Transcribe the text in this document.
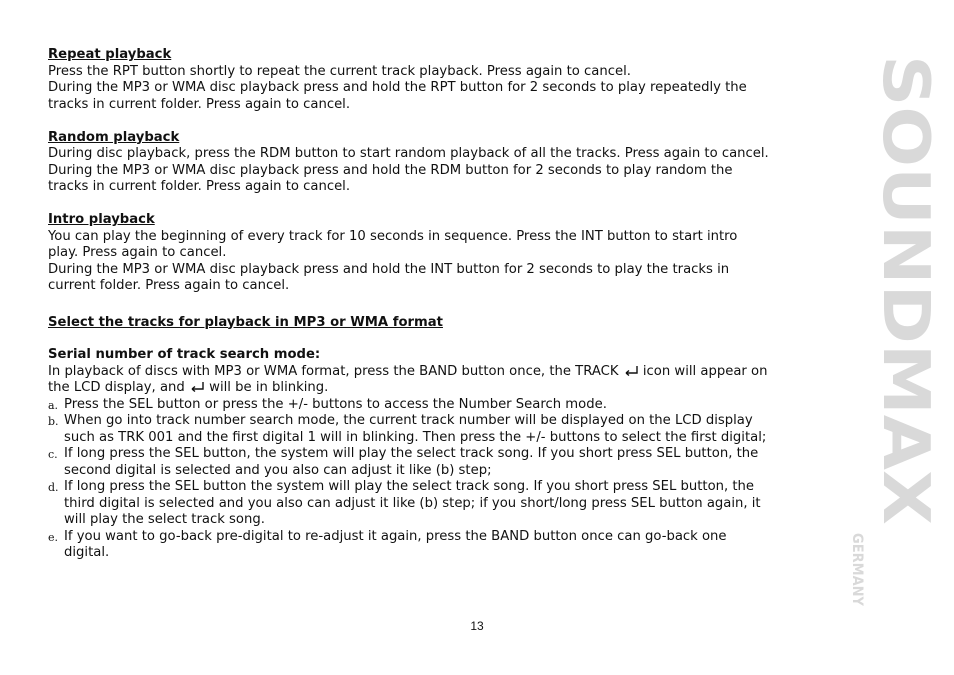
Repeat playback
Press the RPT button shortly to repeat the current track playback. Press again to cancel.
During the MP3 or WMA disc playback press and hold the RPT button for 2 seconds to play repeatedly the
tracks in current folder. Press again to cancel.
Random playback
During disc playback, press the RDM button to start random playback of all the tracks. Press again to cancel.
During the MP3 or WMA disc playback press and hold the RDM button for 2 seconds to play random the
tracks in current folder. Press again to cancel.
Intro playback
You can play the beginning of every track for 10 seconds in sequence. Press the INT button to start intro
play. Press again to cancel.
During the MP3 or WMA disc playback press and hold the INT button for 2 seconds to play the tracks in
current folder. Press again to cancel.
Select the tracks for playback in MP3 or WMA format
Serial number of track search mode:
In playback of discs with MP3 or WMA format, press the BAND button once, the TRACK icon will appear on
the LCD display, and will be in blinking.
a. Press the SEL button or press the +/- buttons to access the Number Search mode.
b. When go into track number search mode, the current track number will be displayed on the LCD display
such as TRK 001 and the first digital 1 will in blinking. Then press the +/- buttons to select the first digital;
c. If long press the SEL button, the system will play the select track song. If you short press SEL button, the
second digital is selected and you also can adjust it like (b) step;
d. If long press the SEL button the system will play the select track song. If you short press SEL button, the
third digital is selected and you also can adjust it like (b) step; if you short/long press SEL button again, it
will play the select track song.
e. If you want to go-back pre-digital to re-adjust it again, press the BAND button once can go-back one
digital.
13
SOUNDMAX
GERMANY
